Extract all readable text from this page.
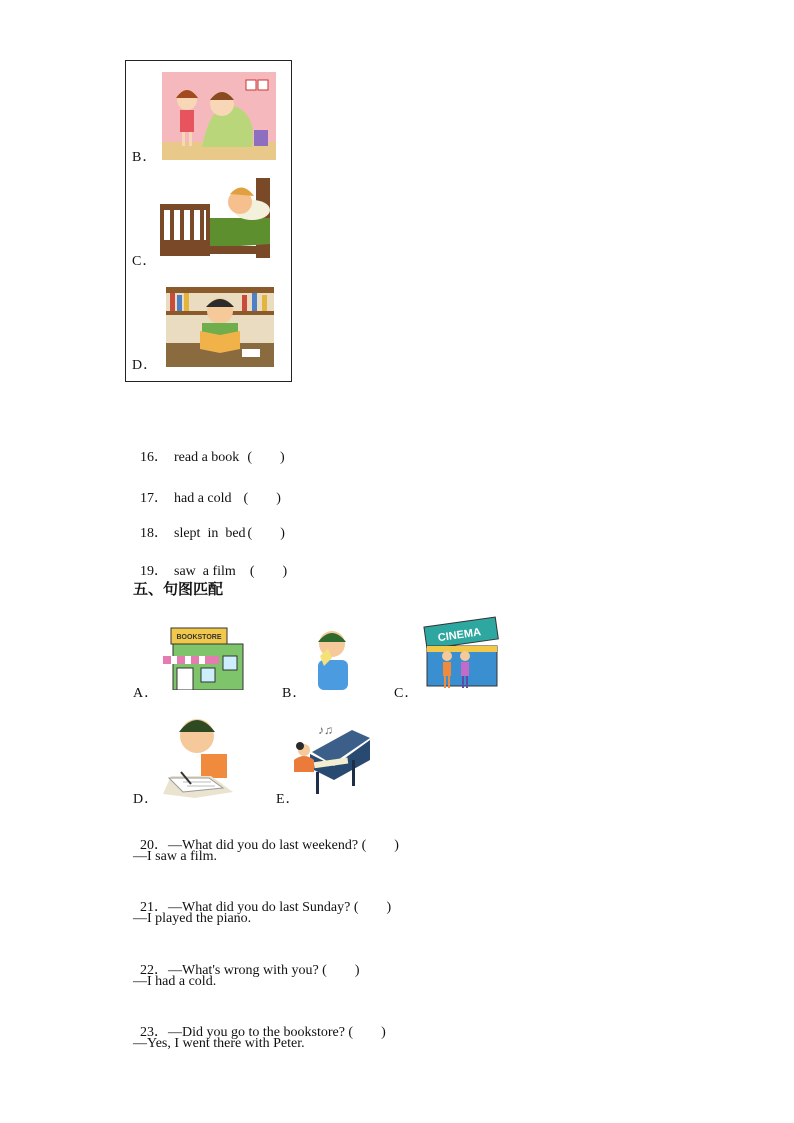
B．
C．
D．

16． read a book (　　)

17． had a cold (　　)

18． slept  in  bed (　　)

19． saw  a film (　　)

五、句图匹配
A．
BOOKSTORE
B．	C．
CINEMA
D．	E．
♪♫

20．—What did you do last weekend? (　　)

—I saw a film.

21．—What did you do last Sunday? (　　)

—I played the piano.

22．—What's wrong with you? (　　)

—I had a cold.

23．—Did you go to the bookstore? (　　)

—Yes, I went there with Peter.
